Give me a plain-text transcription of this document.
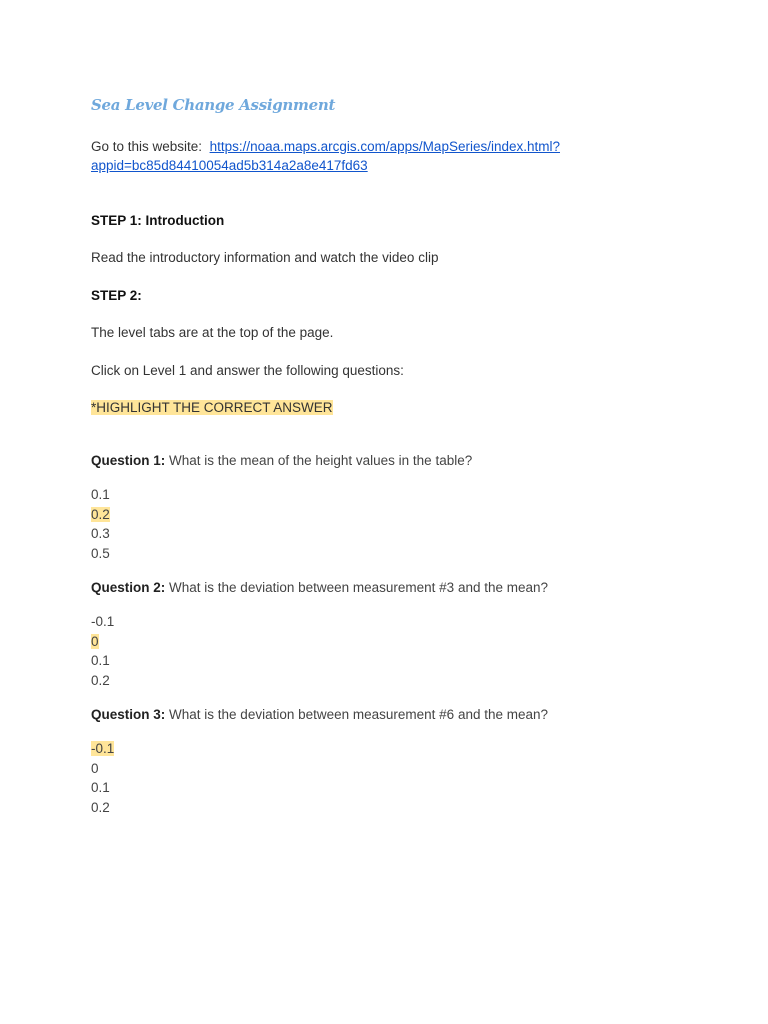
Sea Level Change Assignment
Go to this website: https://noaa.maps.arcgis.com/apps/MapSeries/index.html?
appid=bc85d84410054ad5b314a2a8e417fd63
STEP 1: Introduction
Read the introductory information and watch the video clip
STEP 2:
The level tabs are at the top of the page.
Click on Level 1 and answer the following questions:
*HIGHLIGHT THE CORRECT ANSWER
Question 1: What is the mean of the height values in the table?
0.1
0.2
0.3
0.5
Question 2: What is the deviation between measurement #3 and the mean?
-0.1
0
0.1
0.2
Question 3: What is the deviation between measurement #6 and the mean?
-0.1
0
0.1
0.2
